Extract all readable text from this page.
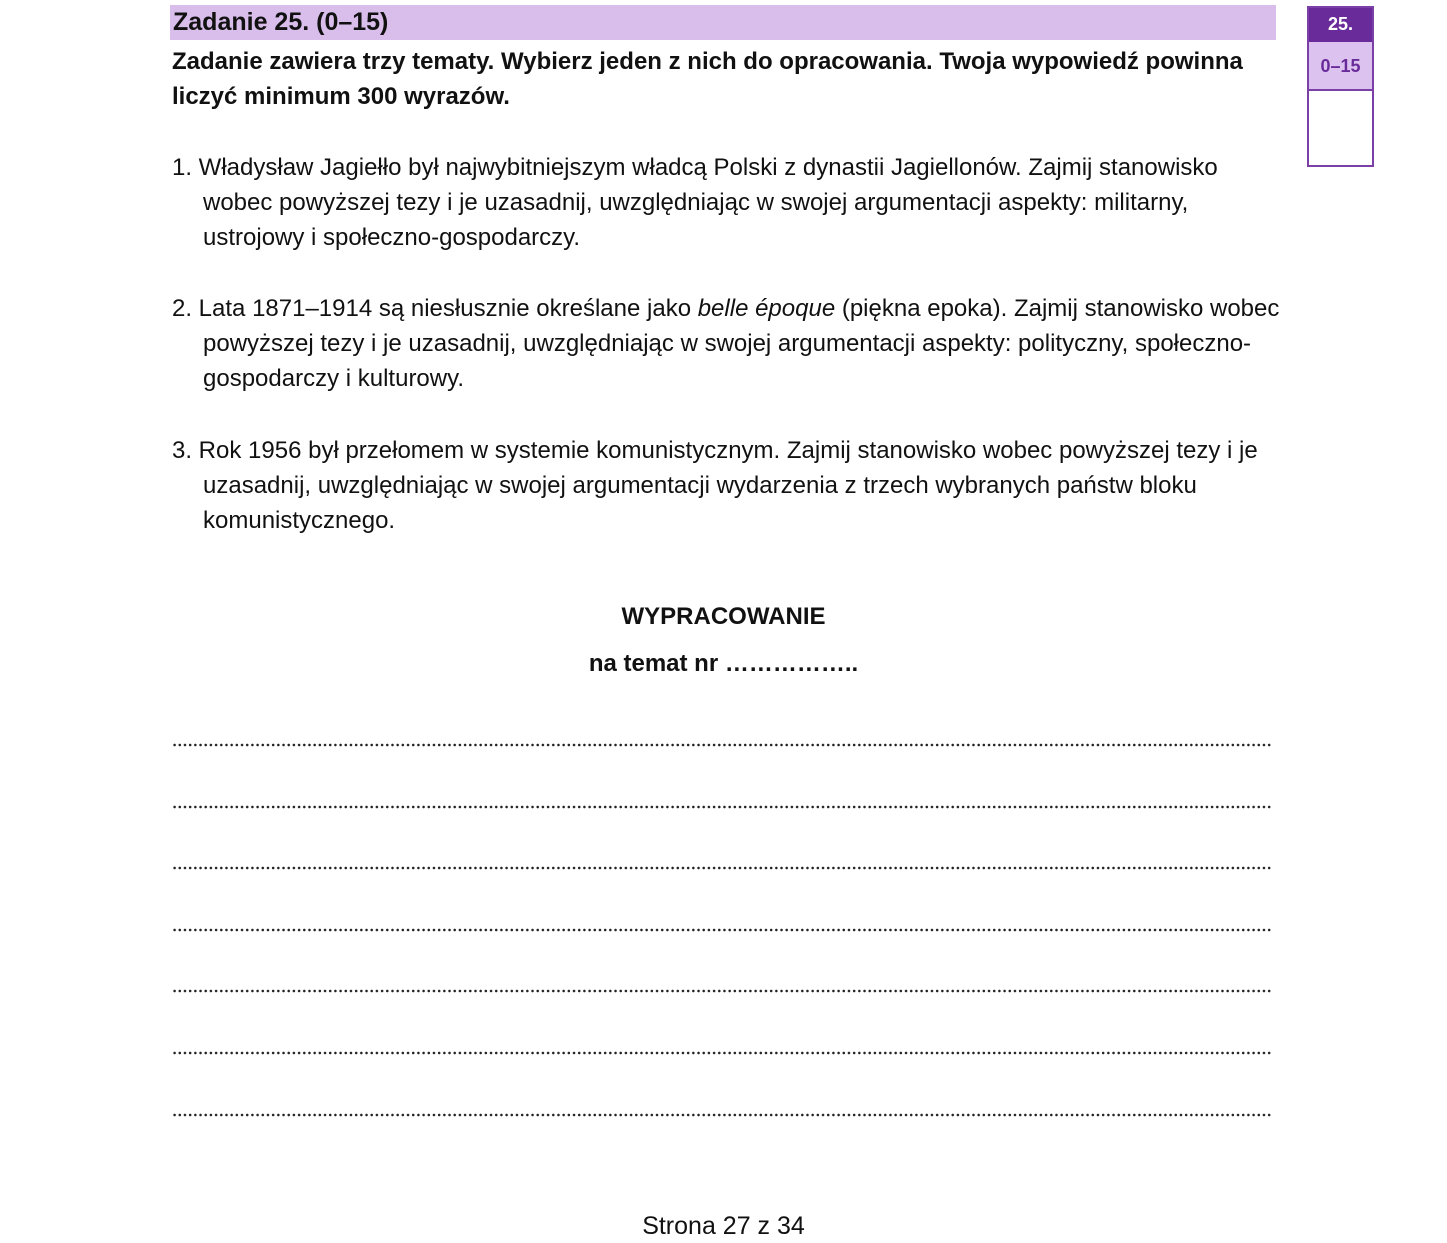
Zadanie 25. (0–15)
Zadanie zawiera trzy tematy. Wybierz jeden z nich do opracowania. Twoja wypowiedź powinna liczyć minimum 300 wyrazów.
1. Władysław Jagiełło był najwybitniejszym władcą Polski z dynastii Jagiellonów. Zajmij stanowisko wobec powyższej tezy i je uzasadnij, uwzględniając w swojej argumentacji aspekty: militarny, ustrojowy i społeczno-gospodarczy.
2. Lata 1871–1914 są niesłusznie określane jako belle époque (piękna epoka). Zajmij stanowisko wobec powyższej tezy i je uzasadnij, uwzględniając w swojej argumentacji aspekty: polityczny, społeczno-gospodarczy i kulturowy.
3. Rok 1956 był przełomem w systemie komunistycznym. Zajmij stanowisko wobec powyższej tezy i je uzasadnij, uwzględniając w swojej argumentacji wydarzenia z trzech wybranych państw bloku komunistycznego.
WYPRACOWANIE
na temat nr ……………..
25.
0–15
Strona 27 z 34
